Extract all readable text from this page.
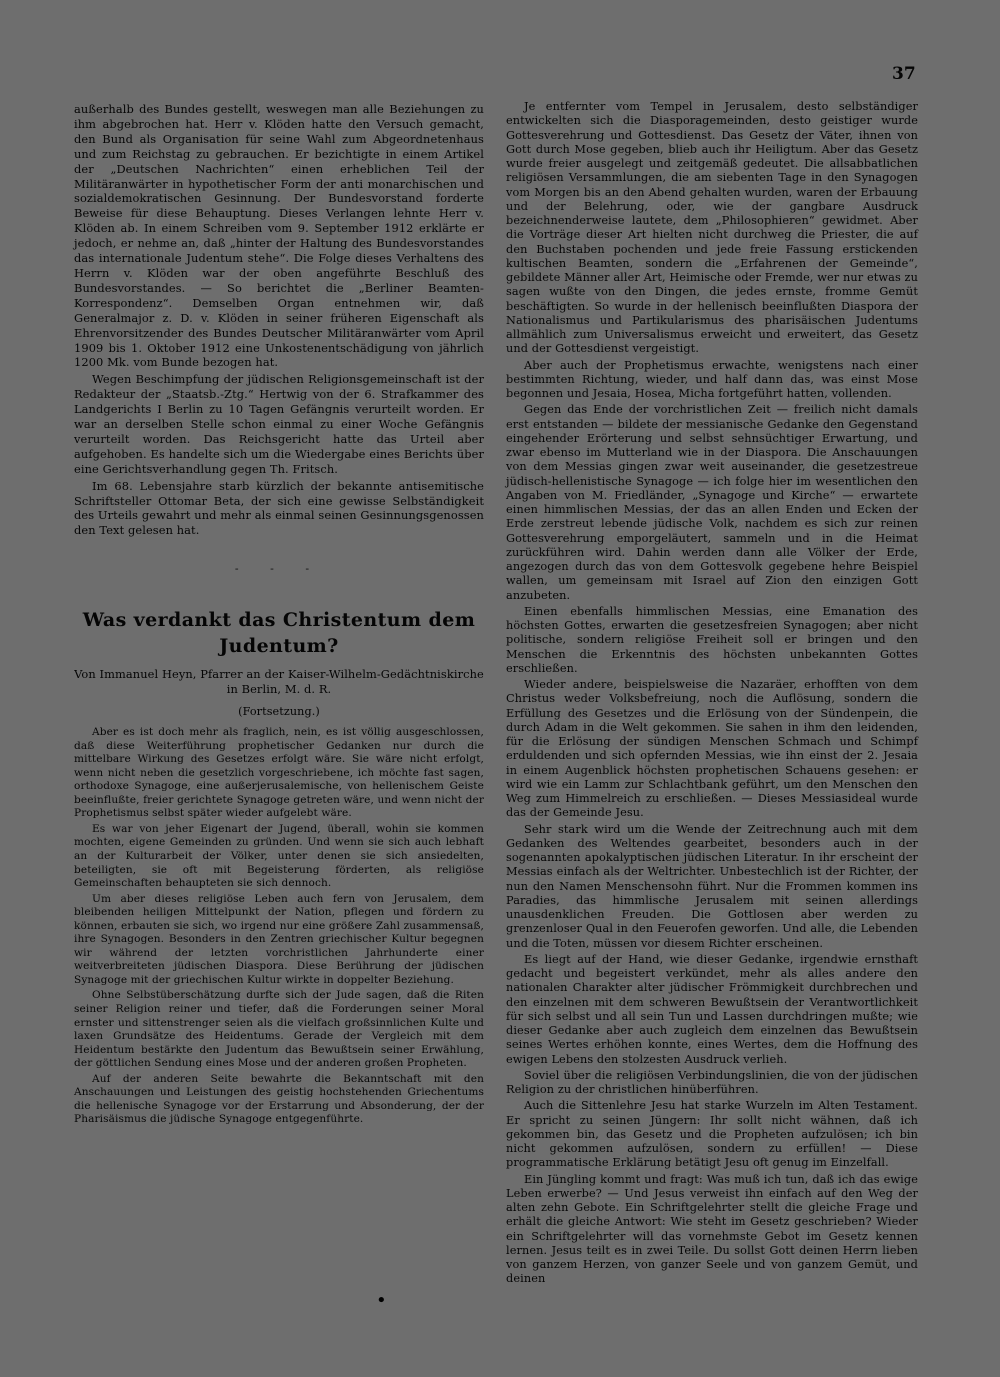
37

außerhalb des Bundes gestellt, weswegen man alle Beziehungen zu ihm abgebrochen hat. Herr v. Klöden hatte den Versuch gemacht, den Bund als Organisation für seine Wahl zum Abgeordnetenhaus und zum Reichstag zu gebrauchen. Er bezichtigte in einem Artikel der „Deutschen Nachrichten“ einen erheblichen Teil der Militäranwärter in hypothetischer Form der anti monarchischen und sozialdemokratischen Gesinnung. Der Bundesvorstand forderte Beweise für diese Behauptung. Dieses Verlangen lehnte Herr v. Klöden ab. In einem Schreiben vom 9. September 1912 erklärte er jedoch, er nehme an, daß „hinter der Haltung des Bundesvorstandes das internationale Judentum stehe“. Die Folge dieses Verhaltens des Herrn v. Klöden war der oben angeführte Beschluß des Bundesvorstandes. — So berichtet die „Berliner Beamten-Korrespondenz“. Demselben Organ entnehmen wir, daß Generalmajor z. D. v. Klöden in seiner früheren Eigenschaft als Ehrenvorsitzender des Bundes Deutscher Militäranwärter vom April 1909 bis 1. Oktober 1912 eine Unkostenentschädigung von jährlich 1200 Mk. vom Bunde bezogen hat.

Wegen Beschimpfung der jüdischen Religionsgemeinschaft ist der Redakteur der „Staatsb.-Ztg.“ Hertwig von der 6. Strafkammer des Landgerichts I Berlin zu 10 Tagen Gefängnis verurteilt worden. Er war an derselben Stelle schon einmal zu einer Woche Gefängnis verurteilt worden. Das Reichsgericht hatte das Urteil aber aufgehoben. Es handelte sich um die Wiedergabe eines Berichts über eine Gerichtsverhandlung gegen Th. Fritsch.

Im 68. Lebensjahre starb kürzlich der bekannte antisemitische Schriftsteller Ottomar Beta, der sich eine gewisse Selbständigkeit des Urteils gewahrt und mehr als einmal seinen Gesinnungsgenossen den Text gelesen hat.

- - -
Was verdankt das Christentum dem
Judentum?
Von Immanuel Heyn, Pfarrer an der Kaiser-Wilhelm-Gedächtniskirche in Berlin, M. d. R.
(Fortsetzung.)

Aber es ist doch mehr als fraglich, nein, es ist völlig ausgeschlossen, daß diese Weiterführung prophetischer Gedanken nur durch die mittelbare Wirkung des Gesetzes erfolgt wäre. Sie wäre nicht erfolgt, wenn nicht neben die gesetzlich vorgeschriebene, ich möchte fast sagen, orthodoxe Synagoge, eine außerjerusalemische, von hellenischem Geiste beeinflußte, freier gerichtete Synagoge getreten wäre, und wenn nicht der Prophetismus selbst später wieder aufgelebt wäre.

Es war von jeher Eigenart der Jugend, überall, wohin sie kommen mochten, eigene Gemeinden zu gründen. Und wenn sie sich auch lebhaft an der Kulturarbeit der Völker, unter denen sie sich ansiedelten, beteiligten, sie oft mit Begeisterung förderten, als religiöse Gemeinschaften behaupteten sie sich dennoch.

Um aber dieses religiöse Leben auch fern von Jerusalem, dem bleibenden heiligen Mittelpunkt der Nation, pflegen und fördern zu können, erbauten sie sich, wo irgend nur eine größere Zahl zusammensaß, ihre Synagogen. Besonders in den Zentren griechischer Kultur begegnen wir während der letzten vorchristlichen Jahrhunderte einer weitverbreiteten jüdischen Diaspora. Diese Berührung der jüdischen Synagoge mit der griechischen Kultur wirkte in doppelter Beziehung.

Ohne Selbstüberschätzung durfte sich der Jude sagen, daß die Riten seiner Religion reiner und tiefer, daß die Forderungen seiner Moral ernster und sittenstrenger seien als die vielfach großsinnlichen Kulte und laxen Grundsätze des Heidentums. Gerade der Vergleich mit dem Heidentum bestärkte den Judentum das Bewußtsein seiner Erwählung, der göttlichen Sendung eines Mose und der anderen großen Propheten.

Auf der anderen Seite bewahrte die Bekanntschaft mit den Anschauungen und Leistungen des geistig hochstehenden Griechentums die hellenische Synagoge vor der Erstarrung und Absonderung, der der Pharisäismus die jüdische Synagoge entgegenführte.

Je entfernter vom Tempel in Jerusalem, desto selbständiger entwickelten sich die Diasporagemeinden, desto geistiger wurde Gottesverehrung und Gottesdienst. Das Gesetz der Väter, ihnen von Gott durch Mose gegeben, blieb auch ihr Heiligtum. Aber das Gesetz wurde freier ausgelegt und zeitgemäß gedeutet. Die allsabbatlichen religiösen Versammlungen, die am siebenten Tage in den Synagogen vom Morgen bis an den Abend gehalten wurden, waren der Erbauung und der Belehrung, oder, wie der gangbare Ausdruck bezeichnenderweise lautete, dem „Philosophieren“ gewidmet. Aber die Vorträge dieser Art hielten nicht durchweg die Priester, die auf den Buchstaben pochenden und jede freie Fassung erstickenden kultischen Beamten, sondern die „Erfahrenen der Gemeinde“, gebildete Männer aller Art, Heimische oder Fremde, wer nur etwas zu sagen wußte von den Dingen, die jedes ernste, fromme Gemüt beschäftigten. So wurde in der hellenisch beeinflußten Diaspora der Nationalismus und Partikularismus des pharisäischen Judentums allmählich zum Universalismus erweicht und erweitert, das Gesetz und der Gottesdienst vergeistigt.

Aber auch der Prophetismus erwachte, wenigstens nach einer bestimmten Richtung, wieder, und half dann das, was einst Mose begonnen und Jesaia, Hosea, Micha fortgeführt hatten, vollenden.

Gegen das Ende der vorchristlichen Zeit — freilich nicht damals erst entstanden — bildete der messianische Gedanke den Gegenstand eingehender Erörterung und selbst sehnsüchtiger Erwartung, und zwar ebenso im Mutterland wie in der Diaspora. Die Anschauungen von dem Messias gingen zwar weit auseinander, die gesetzestreue jüdisch-hellenistische Synagoge — ich folge hier im wesentlichen den Angaben von M. Friedländer, „Synagoge und Kirche“ — erwartete einen himmlischen Messias, der das an allen Enden und Ecken der Erde zerstreut lebende jüdische Volk, nachdem es sich zur reinen Gottesverehrung emporgeläutert, sammeln und in die Heimat zurückführen wird. Dahin werden dann alle Völker der Erde, angezogen durch das von dem Gottesvolk gegebene hehre Beispiel wallen, um gemeinsam mit Israel auf Zion den einzigen Gott anzubeten.

Einen ebenfalls himmlischen Messias, eine Emanation des höchsten Gottes, erwarten die gesetzesfreien Synagogen; aber nicht politische, sondern religiöse Freiheit soll er bringen und den Menschen die Erkenntnis des höchsten unbekannten Gottes erschließen.

Wieder andere, beispielsweise die Nazaräer, erhofften von dem Christus weder Volksbefreiung, noch die Auflösung, sondern die Erfüllung des Gesetzes und die Erlösung von der Sündenpein, die durch Adam in die Welt gekommen. Sie sahen in ihm den leidenden, für die Erlösung der sündigen Menschen Schmach und Schimpf erduldenden und sich opfernden Messias, wie ihn einst der 2. Jesaia in einem Augenblick höchsten prophetischen Schauens gesehen: er wird wie ein Lamm zur Schlachtbank geführt, um den Menschen den Weg zum Himmelreich zu erschließen. — Dieses Messiasideal wurde das der Gemeinde Jesu.

Sehr stark wird um die Wende der Zeitrechnung auch mit dem Gedanken des Weltendes gearbeitet, besonders auch in der sogenannten apokalyptischen jüdischen Literatur. In ihr erscheint der Messias einfach als der Weltrichter. Unbestechlich ist der Richter, der nun den Namen Menschensohn führt. Nur die Frommen kommen ins Paradies, das himmlische Jerusalem mit seinen allerdings unausdenklichen Freuden. Die Gottlosen aber werden zu grenzenloser Qual in den Feuerofen geworfen. Und alle, die Lebenden und die Toten, müssen vor diesem Richter erscheinen.

Es liegt auf der Hand, wie dieser Gedanke, irgendwie ernsthaft gedacht und begeistert verkündet, mehr als alles andere den nationalen Charakter alter jüdischer Frömmigkeit durchbrechen und den einzelnen mit dem schweren Bewußtsein der Verantwortlichkeit für sich selbst und all sein Tun und Lassen durchdringen mußte; wie dieser Gedanke aber auch zugleich dem einzelnen das Bewußtsein seines Wertes erhöhen konnte, eines Wertes, dem die Hoffnung des ewigen Lebens den stolzesten Ausdruck verlieh.

Soviel über die religiösen Verbindungslinien, die von der jüdischen Religion zu der christlichen hinüberführen.

Auch die Sittenlehre Jesu hat starke Wurzeln im Alten Testament. Er spricht zu seinen Jüngern: Ihr sollt nicht wähnen, daß ich gekommen bin, das Gesetz und die Propheten aufzulösen; ich bin nicht gekommen aufzulösen, sondern zu erfüllen! — Diese programmatische Erklärung betätigt Jesu oft genug im Einzelfall.

Ein Jüngling kommt und fragt: Was muß ich tun, daß ich das ewige Leben erwerbe? — Und Jesus verweist ihn einfach auf den Weg der alten zehn Gebote. Ein Schriftgelehrter stellt die gleiche Frage und erhält die gleiche Antwort: Wie steht im Gesetz geschrieben? Wieder ein Schriftgelehrter will das vornehmste Gebot im Gesetz kennen lernen. Jesus teilt es in zwei Teile. Du sollst Gott deinen Herrn lieben von ganzem Herzen, von ganzer Seele und von ganzem Gemüt, und deinen

•
